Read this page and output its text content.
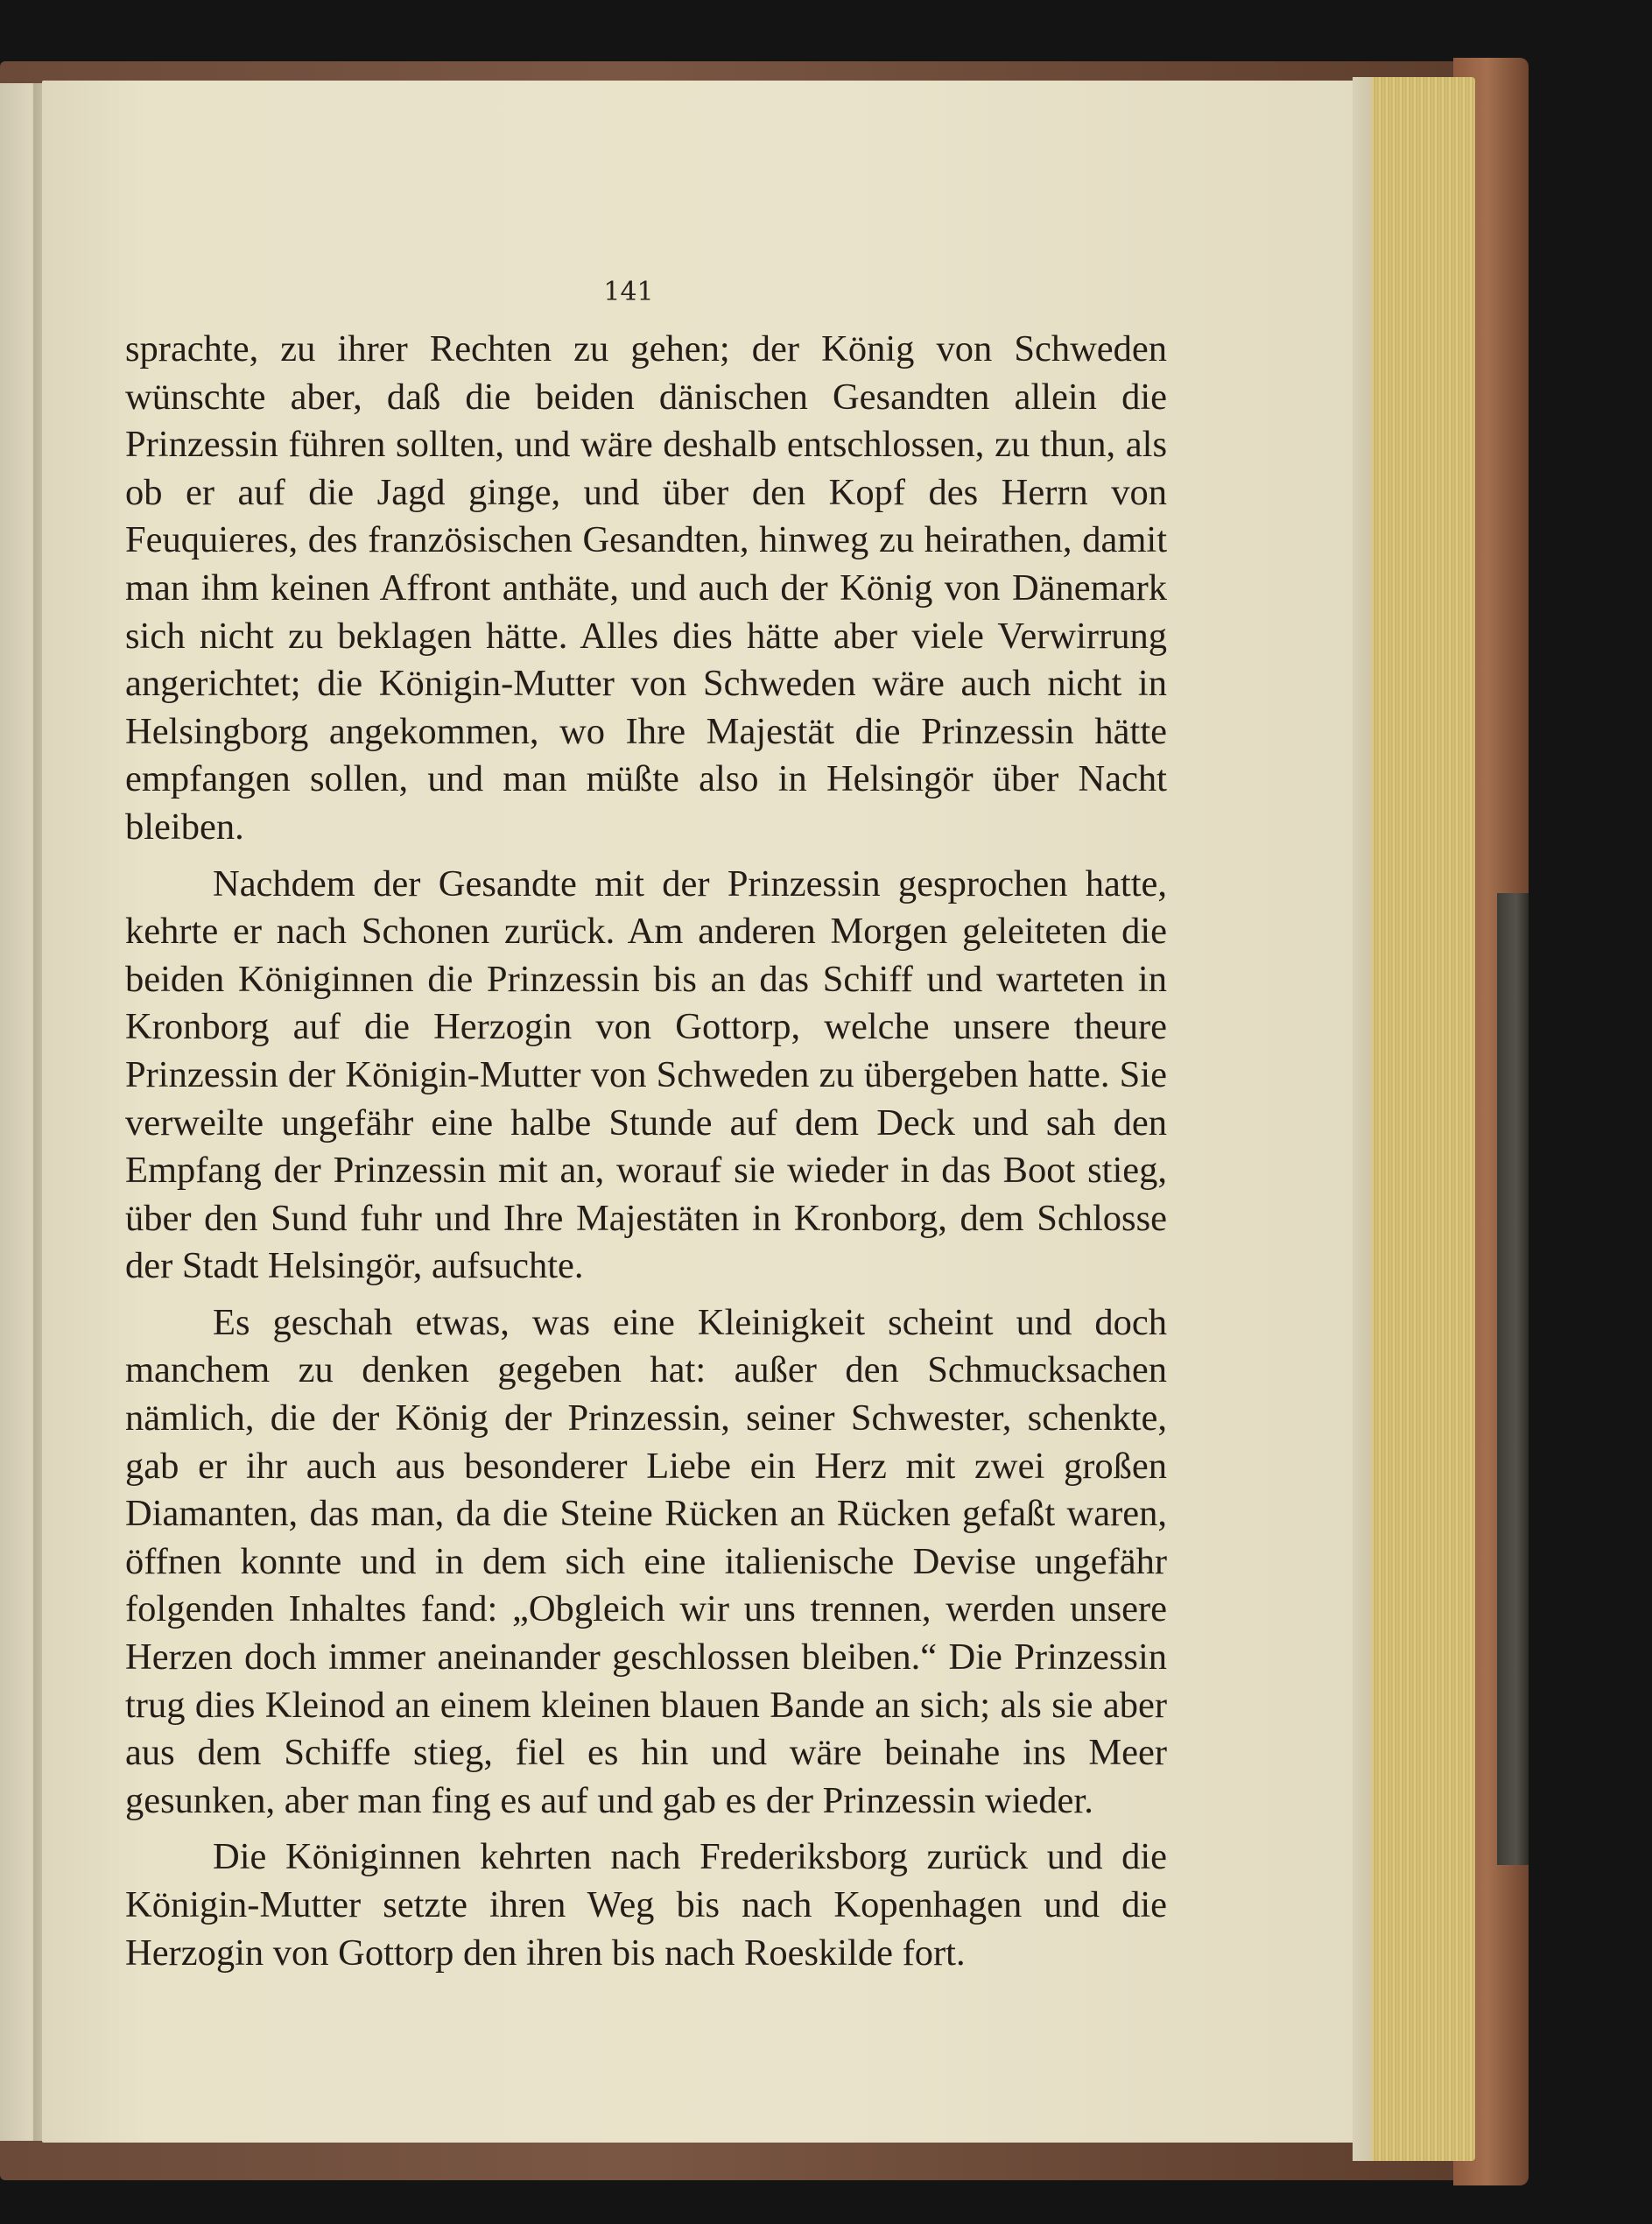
141

sprachte, zu ihrer Rechten zu gehen; der König von Schweden wünschte aber, daß die beiden dänischen Gesandten allein die Prinzessin führen sollten, und wäre deshalb entschlossen, zu thun, als ob er auf die Jagd ginge, und über den Kopf des Herrn von Feuquieres, des französischen Gesandten, hinweg zu heirathen, damit man ihm keinen Affront anthäte, und auch der König von Dänemark sich nicht zu beklagen hätte. Alles dies hätte aber viele Verwirrung angerichtet; die Königin-Mutter von Schweden wäre auch nicht in Helsingborg angekommen, wo Ihre Majestät die Prinzessin hätte empfangen sollen, und man müßte also in Helsingör über Nacht bleiben.

Nachdem der Gesandte mit der Prinzessin gesprochen hatte, kehrte er nach Schonen zurück. Am anderen Morgen geleiteten die beiden Königinnen die Prinzessin bis an das Schiff und warteten in Kronborg auf die Herzogin von Gottorp, welche unsere theure Prinzessin der Königin-Mutter von Schweden zu übergeben hatte. Sie verweilte ungefähr eine halbe Stunde auf dem Deck und sah den Empfang der Prinzessin mit an, worauf sie wieder in das Boot stieg, über den Sund fuhr und Ihre Majestäten in Kronborg, dem Schlosse der Stadt Helsingör, aufsuchte.

Es geschah etwas, was eine Kleinigkeit scheint und doch manchem zu denken gegeben hat: außer den Schmucksachen nämlich, die der König der Prinzessin, seiner Schwester, schenkte, gab er ihr auch aus besonderer Liebe ein Herz mit zwei großen Diamanten, das man, da die Steine Rücken an Rücken gefaßt waren, öffnen konnte und in dem sich eine italienische Devise ungefähr folgenden Inhaltes fand: „Obgleich wir uns trennen, werden unsere Herzen doch immer aneinander geschlossen bleiben.“ Die Prinzessin trug dies Kleinod an einem kleinen blauen Bande an sich; als sie aber aus dem Schiffe stieg, fiel es hin und wäre beinahe ins Meer gesunken, aber man fing es auf und gab es der Prinzessin wieder.

Die Königinnen kehrten nach Frederiksborg zurück und die Königin-Mutter setzte ihren Weg bis nach Kopenhagen und die Herzogin von Gottorp den ihren bis nach Roeskilde fort.
